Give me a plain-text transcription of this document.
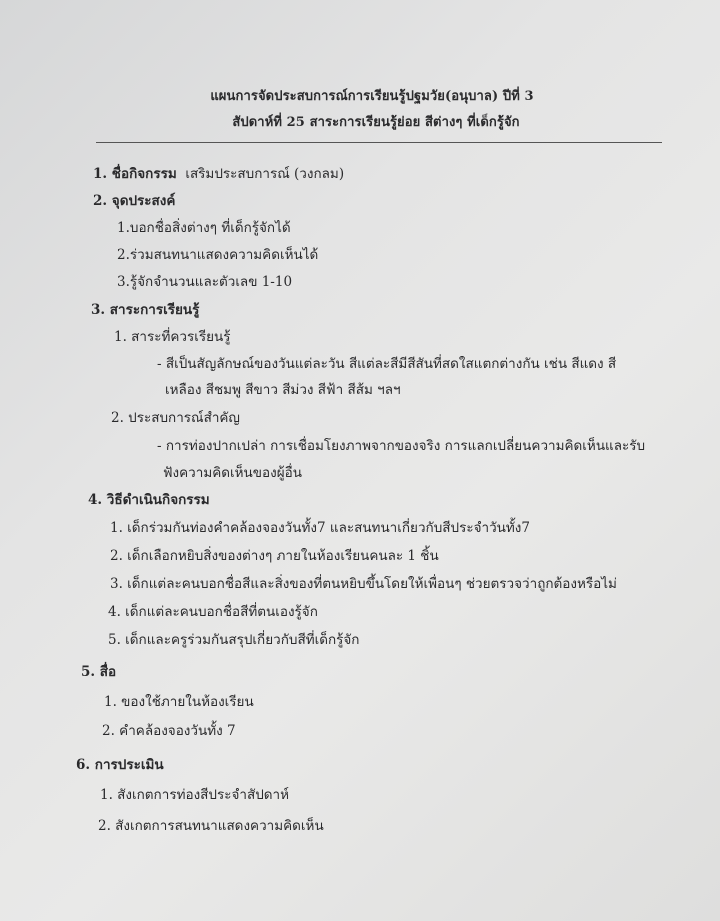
แผนการจัดประสบการณ์การเรียนรู้ปฐมวัย(อนุบาล) ปีที่ 3
สัปดาห์ที่ 25 สาระการเรียนรู้ย่อย สีต่างๆ ที่เด็กรู้จัก
1. ชื่อกิจกรรม เสริมประสบการณ์ (วงกลม)
2. จุดประสงค์
1.บอกชื่อสิ่งต่างๆ ที่เด็กรู้จักได้
2.ร่วมสนทนาแสดงความคิดเห็นได้
3.รู้จักจำนวนและตัวเลข 1-10
3. สาระการเรียนรู้
1. สาระที่ควรเรียนรู้
- สีเป็นสัญลักษณ์ของวันแต่ละวัน สีแต่ละสีมีสีสันที่สดใสแตกต่างกัน เช่น สีแดง สี
เหลือง สีชมพู สีขาว สีม่วง สีฟ้า สีส้ม ฯลฯ
2. ประสบการณ์สำคัญ
- การท่องปากเปล่า การเชื่อมโยงภาพจากของจริง การแลกเปลี่ยนความคิดเห็นและรับ
ฟังความคิดเห็นของผู้อื่น
4. วิธีดำเนินกิจกรรม
1. เด็กร่วมกันท่องคำคล้องจองวันทั้ง7 และสนทนาเกี่ยวกับสีประจำวันทั้ง7
2. เด็กเลือกหยิบสิ่งของต่างๆ ภายในห้องเรียนคนละ 1 ชิ้น
3. เด็กแต่ละคนบอกชื่อสีและสิ่งของที่ตนหยิบขึ้นโดยให้เพื่อนๆ ช่วยตรวจว่าถูกต้องหรือไม่
4. เด็กแต่ละคนบอกชื่อสีที่ตนเองรู้จัก
5. เด็กและครูร่วมกันสรุปเกี่ยวกับสีที่เด็กรู้จัก
5. สื่อ
1. ของใช้ภายในห้องเรียน
2. คำคล้องจองวันทั้ง 7
6. การประเมิน
1. สังเกตการท่องสีประจำสัปดาห์
2. สังเกตการสนทนาแสดงความคิดเห็น
